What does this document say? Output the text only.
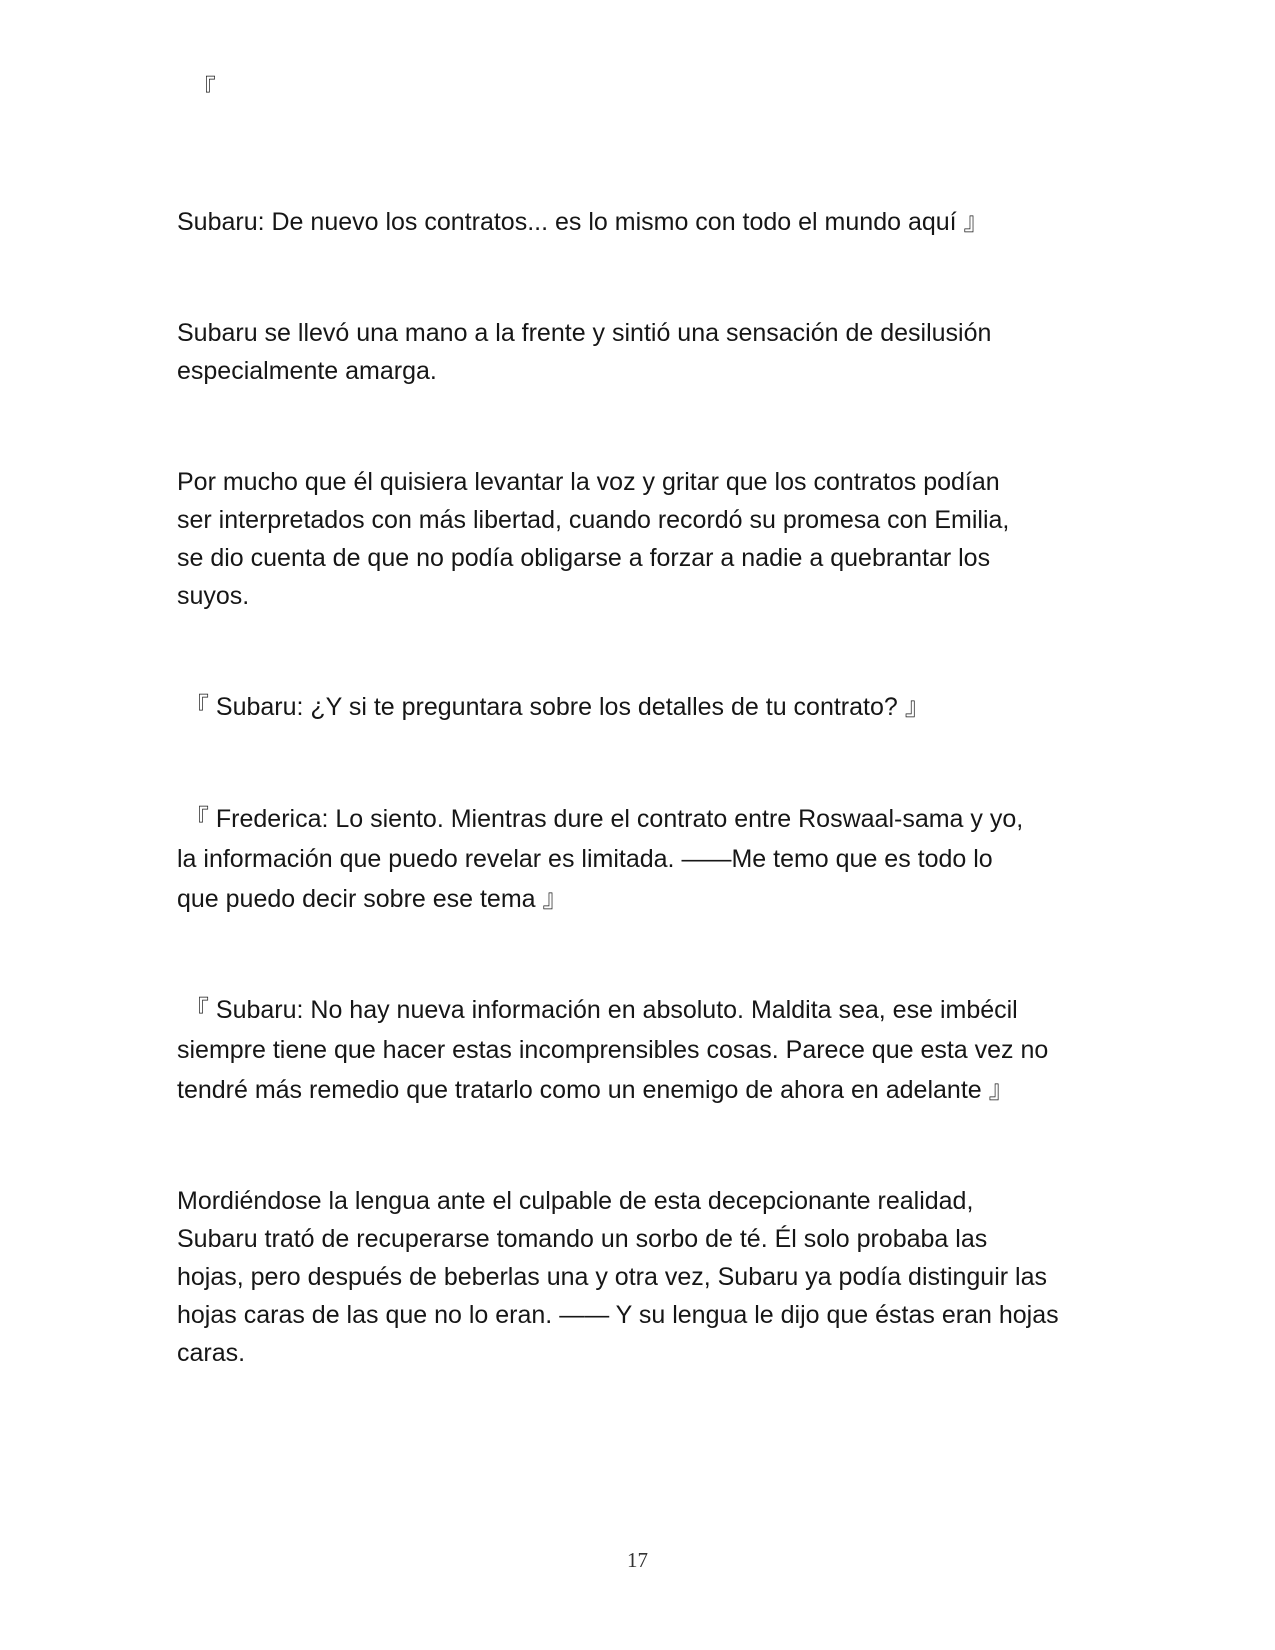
『

Subaru: De nuevo los contratos... es lo mismo con todo el mundo aquí 』

Subaru se llevó una mano a la frente y sintió una sensación de desilusión

especialmente amarga.

Por mucho que él quisiera levantar la voz y gritar que los contratos podían

ser interpretados con más libertad, cuando recordó su promesa con Emilia,

se dio cuenta de que no podía obligarse a forzar a nadie a quebrantar los

suyos.

『 Subaru: ¿Y si te preguntara sobre los detalles de tu contrato? 』

『 Frederica: Lo siento. Mientras dure el contrato entre Roswaal-sama y yo,

la información que puedo revelar es limitada. ——Me temo que es todo lo

que puedo decir sobre ese tema 』

『 Subaru: No hay nueva información en absoluto. Maldita sea, ese imbécil

siempre tiene que hacer estas incomprensibles cosas. Parece que esta vez no

tendré más remedio que tratarlo como un enemigo de ahora en adelante 』

Mordiéndose la lengua ante el culpable de esta decepcionante realidad,

Subaru trató de recuperarse tomando un sorbo de té. Él solo probaba las

hojas, pero después de beberlas una y otra vez, Subaru ya podía distinguir las

hojas caras de las que no lo eran. —— Y su lengua le dijo que éstas eran hojas

caras.

17
